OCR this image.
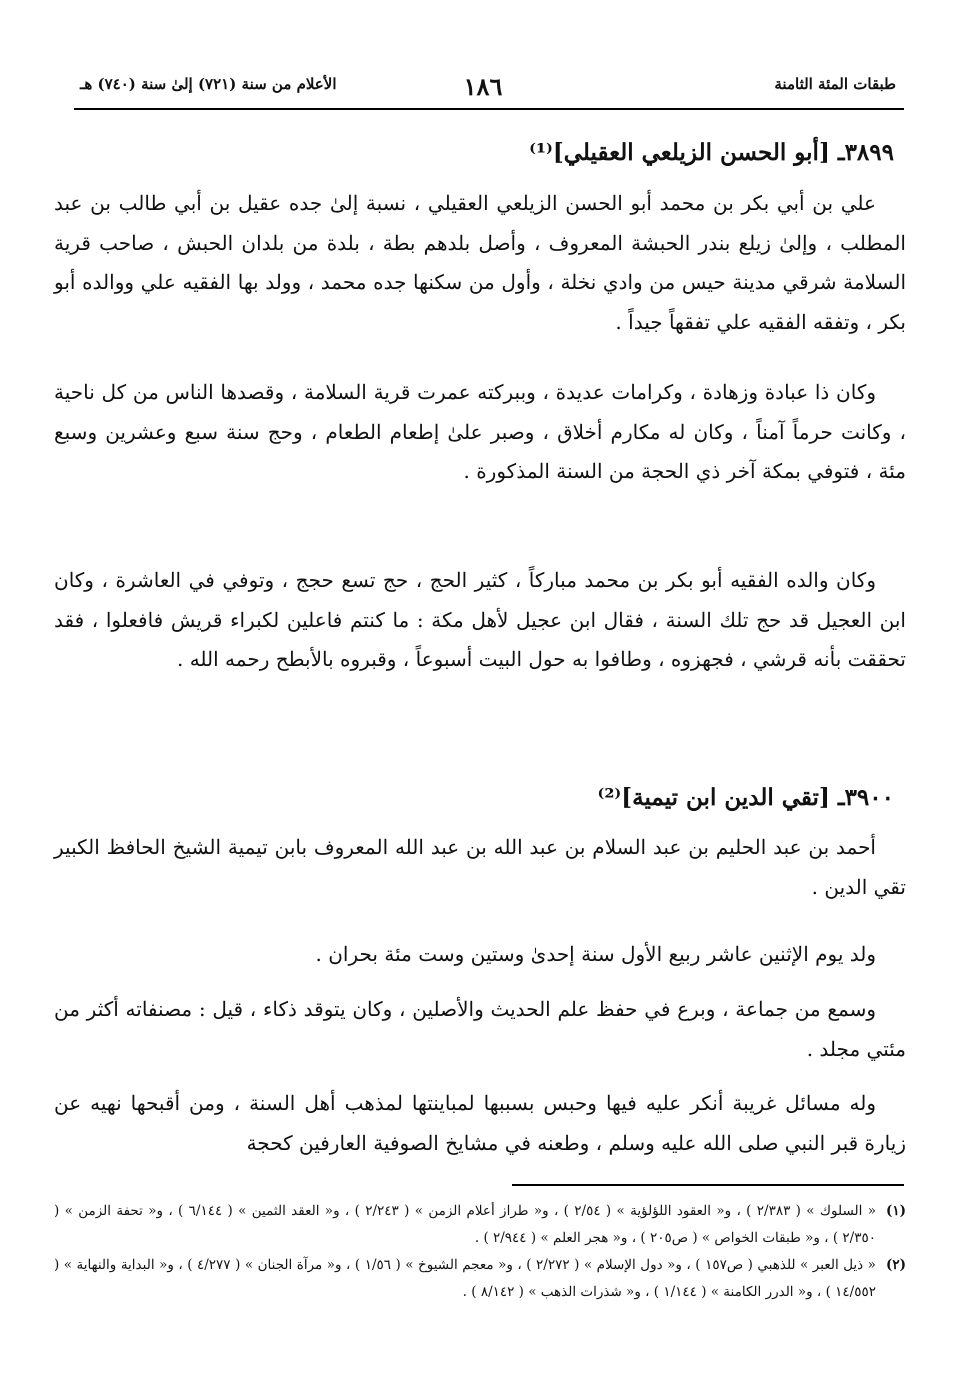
طبقات المئة الثامنة
١٨٦
الأعلام من سنة (٧٢١) إلىٰ سنة (٧٤٠) هـ
٣٨٩٩ـ [أبو الحسن الزيلعي العقيلي]⁽¹⁾

علي بن أبي بكر بن محمد أبو الحسن الزيلعي العقيلي ، نسبة إلىٰ جده عقيل بن أبي طالب بن عبد المطلب ، وإلىٰ زيلع بندر الحبشة المعروف ، وأصل بلدهم بطة ، بلدة من بلدان الحبش ، صاحب قرية السلامة شرقي مدينة حيس من وادي نخلة ، وأول من سكنها جده محمد ، وولد بها الفقيه علي ووالده أبو بكر ، وتفقه الفقيه علي تفقهاً جيداً .

وكان ذا عبادة وزهادة ، وكرامات عديدة ، وببركته عمرت قرية السلامة ، وقصدها الناس من كل ناحية ، وكانت حرماً آمناً ، وكان له مكارم أخلاق ، وصبر علىٰ إطعام الطعام ، وحج سنة سبع وعشرين وسبع مئة ، فتوفي بمكة آخر ذي الحجة من السنة المذكورة .

وكان والده الفقيه أبو بكر بن محمد مباركاً ، كثير الحج ، حج تسع حجج ، وتوفي في العاشرة ، وكان ابن العجيل قد حج تلك السنة ، فقال ابن عجيل لأهل مكة : ما كنتم فاعلين لكبراء قريش فافعلوا ، فقد تحققت بأنه قرشي ، فجهزوه ، وطافوا به حول البيت أسبوعاً ، وقبروه بالأبطح رحمه الله .

٣٩٠٠ـ [تقي الدين ابن تيمية]⁽²⁾

أحمد بن عبد الحليم بن عبد السلام بن عبد الله بن عبد الله المعروف بابن تيمية الشيخ الحافظ الكبير تقي الدين .

ولد يوم الإثنين عاشر ربيع الأول سنة إحدىٰ وستين وست مئة بحران .

وسمع من جماعة ، وبرع في حفظ علم الحديث والأصلين ، وكان يتوقد ذكاء ، قيل : مصنفاته أكثر من مئتي مجلد .

وله مسائل غريبة أنكر عليه فيها وحبس بسببها لمباينتها لمذهب أهل السنة ، ومن أقبحها نهيه عن زيارة قبر النبي صلى الله عليه وسلم ، وطعنه في مشايخ الصوفية العارفين كحجة

(١)
« السلوك » ( ٢/٣٨٣ ) ، و« العقود اللؤلؤية » ( ٢/٥٤ ) ، و« طراز أعلام الزمن » ( ٢/٢٤٣ ) ، و« العقد الثمين » ( ٦/١٤٤ ) ، و« تحفة الزمن » ( ٢/٣٥٠ ) ، و« طبقات الخواص » ( ص٢٠٥ ) ، و« هجر العلم » ( ٢/٩٤٤ ) .
(٢)
« ذيل العبر » للذهبي ( ص١٥٧ ) ، و« دول الإسلام » ( ٢/٢٧٢ ) ، و« معجم الشيوخ » ( ١/٥٦ ) ، و« مرآة الجنان » ( ٤/٢٧٧ ) ، و« البداية والنهاية » ( ١٤/٥٥٢ ) ، و« الدرر الكامنة » ( ١/١٤٤ ) ، و« شذرات الذهب » ( ٨/١٤٢ ) .
